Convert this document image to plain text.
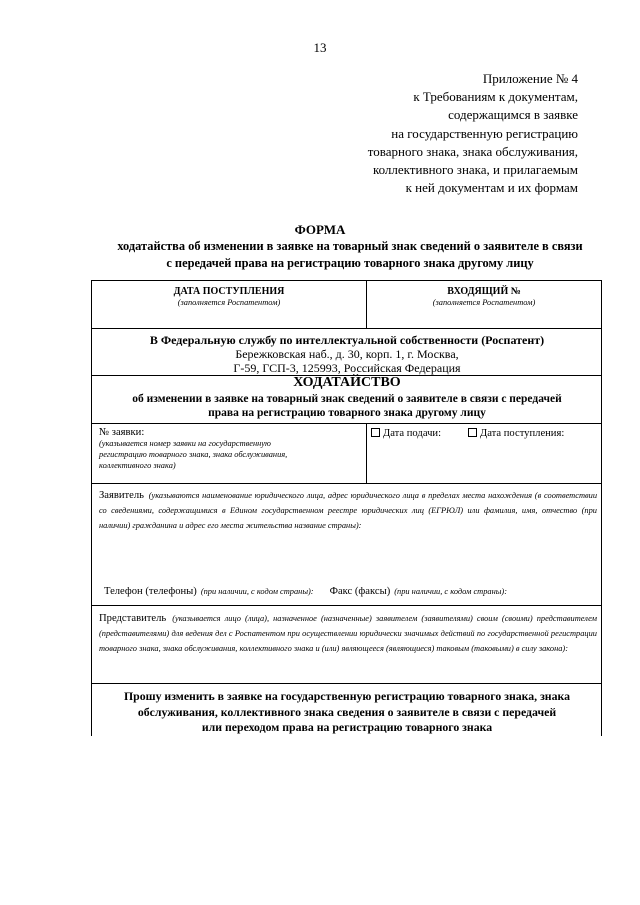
13
Приложение № 4
к Требованиям к документам,
содержащимся в заявке
на государственную регистрацию
товарного знака, знака обслуживания,
коллективного знака, и прилагаемым
к ней документам и их формам
ФОРМА
ходатайства об изменении в заявке на товарный знак сведений о заявителе в связи
с передачей права на регистрацию товарного знака другому лицу
ДАТА ПОСТУПЛЕНИЯ
(заполняется Роспатентом)
ВХОДЯЩИЙ №
(заполняется Роспатентом)
В Федеральную службу по интеллектуальной собственности (Роспатент)
Бережковская наб., д. 30, корп. 1, г. Москва,
Г-59, ГСП-3, 125993, Российская Федерация
ХОДАТАЙСТВО
об изменении в заявке на товарный знак сведений о заявителе в связи с передачей
права на регистрацию товарного знака другому лицу
№ заявки:
(указывается номер заявки на государственную
регистрацию товарного знака, знака обслуживания,
коллективного знака)
Дата подачи:	Дата поступления:
Заявитель (указываются наименование юридического лица, адрес юридического лица в пределах места нахождения (в соответствии со сведениями, содержащимися в Едином государственном реестре юридических лиц (ЕГРЮЛ) или фамилия, имя, отчество (при наличии) гражданина и адрес его места жительства название страны):
Телефон (телефоны) (при наличии, с кодом страны): Факс (факсы) (при наличии, с кодом страны):
Представитель (указывается лицо (лица), назначенное (назначенные) заявителем (заявителями) своим (своими) представителем (представителями) для ведения дел с Роспатентом при осуществлении юридически значимых действий по государственной регистрации товарного знака, знака обслуживания, коллективного знака и (или) являющееся (являющиеся) таковым (таковыми) в силу закона):
Прошу изменить в заявке на государственную регистрацию товарного знака, знака
обслуживания, коллективного знака сведения о заявителе в связи с передачей
или переходом права на регистрацию товарного знака
